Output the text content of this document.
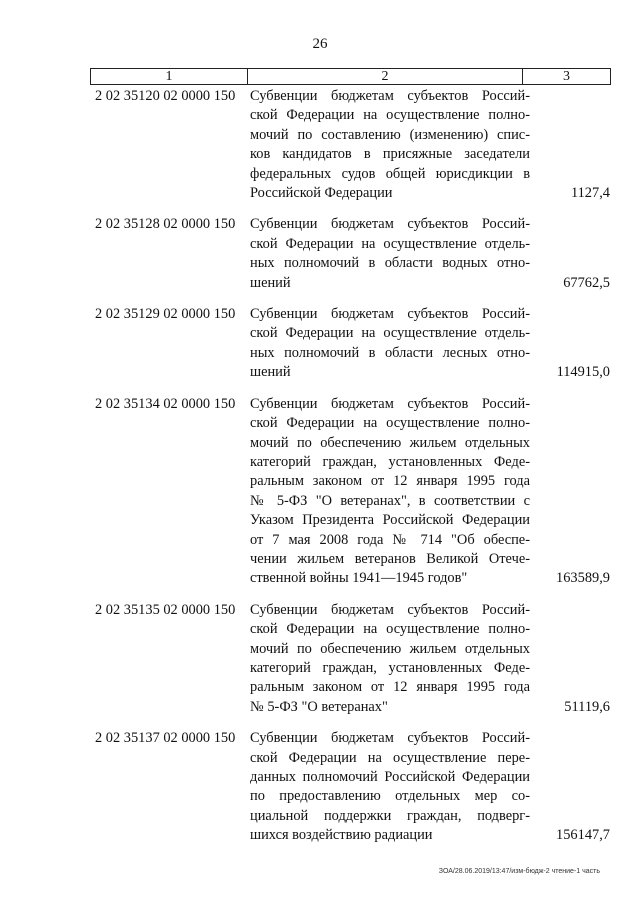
26
1	2	3
2 02 35120 02 0000 150 Субвенции бюджетам субъектов Россий-
ской Федерации на осуществление полно-
мочий по составлению (изменению) спис-
ков кандидатов в присяжные заседатели
федеральных судов общей юрисдикции в
Российской Федерации	1127,4
2 02 35128 02 0000 150 Субвенции бюджетам субъектов Россий-
ской Федерации на осуществление отдель-
ных полномочий в области водных отно-
шений	67762,5
2 02 35129 02 0000 150 Субвенции бюджетам субъектов Россий-
ской Федерации на осуществление отдель-
ных полномочий в области лесных отно-
шений	114915,0
2 02 35134 02 0000 150 Субвенции бюджетам субъектов Россий-
ской Федерации на осуществление полно-
мочий по обеспечению жильем отдельных
категорий граждан, установленных Феде-
ральным законом от 12 января 1995 года
№ 5-ФЗ "О ветеранах", в соответствии с
Указом Президента Российской Федерации
от 7 мая 2008 года № 714 "Об обеспе-
чении жильем ветеранов Великой Отече-
ственной войны 1941—1945 годов"	163589,9
2 02 35135 02 0000 150 Субвенции бюджетам субъектов Россий-
ской Федерации на осуществление полно-
мочий по обеспечению жильем отдельных
категорий граждан, установленных Феде-
ральным законом от 12 января 1995 года
№ 5-ФЗ "О ветеранах"	51119,6
2 02 35137 02 0000 150 Субвенции бюджетам субъектов Россий-
ской Федерации на осуществление пере-
данных полномочий Российской Федерации
по предоставлению отдельных мер со-
циальной поддержки граждан, подверг-
шихся воздействию радиации	156147,7
ЗОА/28.06.2019/13:47/изм-бюдж-2 чтение-1 часть
